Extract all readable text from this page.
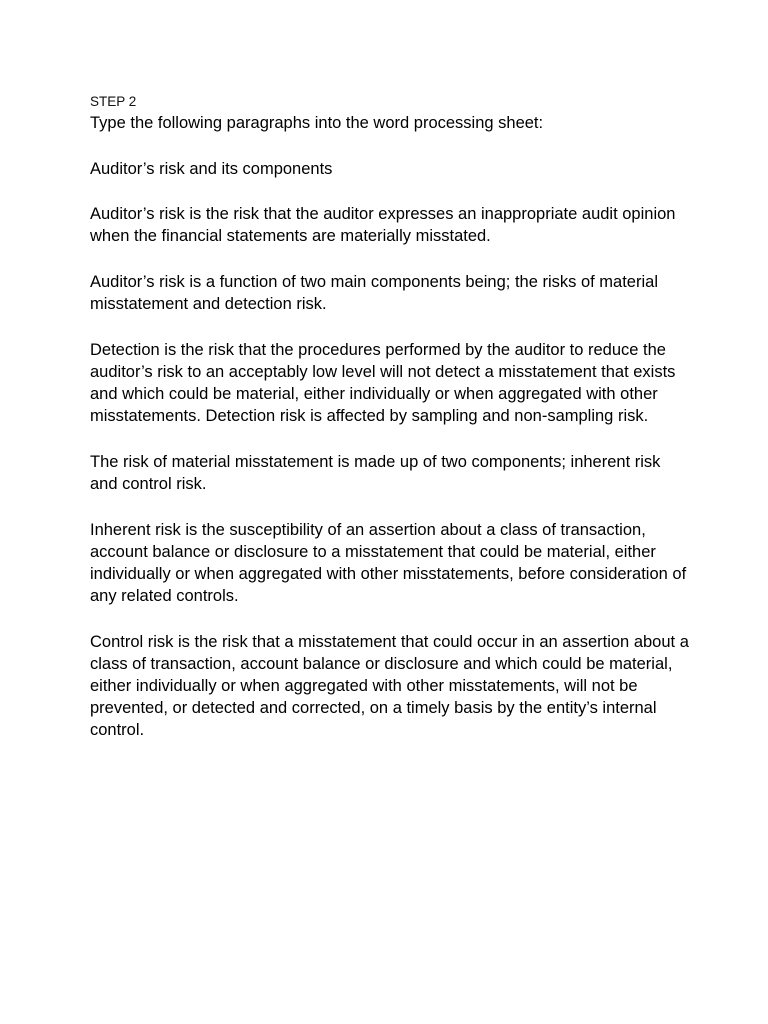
STEP 2

Type the following paragraphs into the word processing sheet:

Auditor’s risk and its components

Auditor’s risk is the risk that the auditor expresses an inappropriate audit opinion when the financial statements are materially misstated.

Auditor’s risk is a function of two main components being; the risks of material misstatement and detection risk.

Detection is the risk that the procedures performed by the auditor to reduce the auditor’s risk to an acceptably low level will not detect a misstatement that exists and which could be material, either individually or when aggregated with other misstatements. Detection risk is affected by sampling and non-sampling risk.

The risk of material misstatement is made up of two components; inherent risk and control risk.

Inherent risk is the susceptibility of an assertion about a class of transaction, account balance or disclosure to a misstatement that could be material, either individually or when aggregated with other misstatements, before consideration of any related controls.

Control risk is the risk that a misstatement that could occur in an assertion about a class of transaction, account balance or disclosure and which could be material, either individually or when aggregated with other misstatements, will not be prevented, or detected and corrected, on a timely basis by the entity’s internal control.
